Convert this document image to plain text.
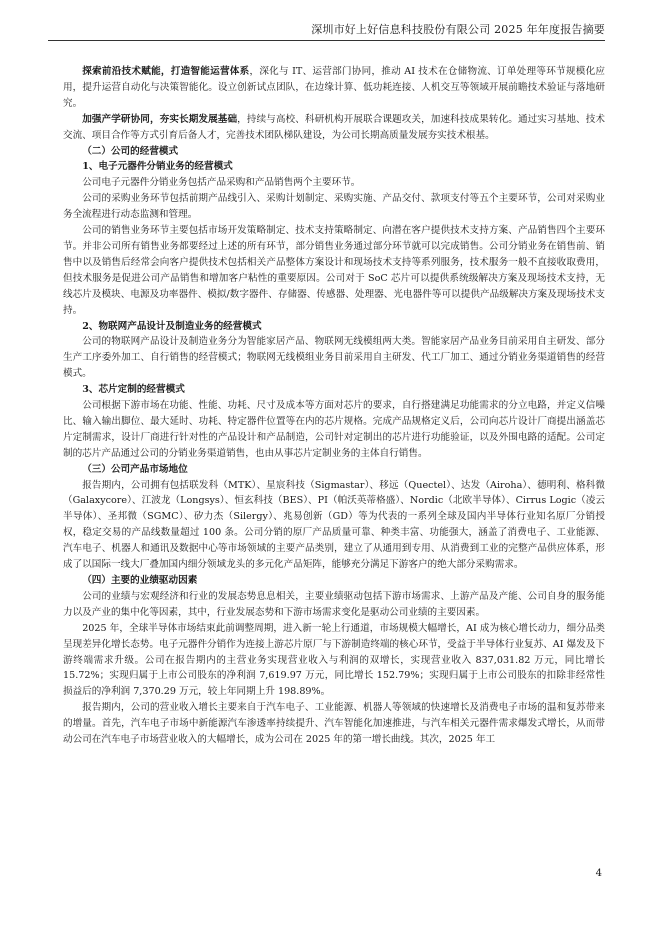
深圳市好上好信息科技股份有限公司 2025 年年度报告摘要

探索前沿技术赋能，打造智能运营体系，深化与 IT、运营部门协同，推动 AI 技术在仓储物流、订单处理等环节规模化应用，提升运营自动化与决策智能化。设立创新试点团队，在边缘计算、低功耗连接、人机交互等领域开展前瞻技术验证与落地研究。

加强产学研协同，夯实长期发展基础，持续与高校、科研机构开展联合课题攻关，加速科技成果转化。通过实习基地、技术交流、项目合作等方式引育后备人才，完善技术团队梯队建设，为公司长期高质量发展夯实技术根基。

（二）公司的经营模式

1、电子元器件分销业务的经营模式

公司电子元器件分销业务包括产品采购和产品销售两个主要环节。

公司的采购业务环节包括前期产品线引入、采购计划制定、采购实施、产品交付、款项支付等五个主要环节，公司对采购业务全流程进行动态监测和管理。

公司的销售业务环节主要包括市场开发策略制定、技术支持策略制定、向潜在客户提供技术支持方案、产品销售四个主要环节。并非公司所有销售业务都要经过上述的所有环节，部分销售业务通过部分环节就可以完成销售。公司分销业务在销售前、销售中以及销售后经常会向客户提供技术包括相关产品整体方案设计和现场技术支持等系列服务，技术服务一般不直接收取费用，但技术服务是促进公司产品销售和增加客户粘性的重要原因。公司对于 SoC 芯片可以提供系统级解决方案及现场技术支持，无线芯片及模块、电源及功率器件、模拟/数字器件、存储器、传感器、处理器、光电器件等可以提供产品级解决方案及现场技术支持。

2、物联网产品设计及制造业务的经营模式

公司的物联网产品设计及制造业务分为智能家居产品、物联网无线模组两大类。智能家居产品业务目前采用自主研发、部分生产工序委外加工、自行销售的经营模式；物联网无线模组业务目前采用自主研发、代工厂加工、通过分销业务渠道销售的经营模式。

3、芯片定制的经营模式

公司根据下游市场在功能、性能、功耗、尺寸及成本等方面对芯片的要求，自行搭建满足功能需求的分立电路，并定义信噪比、输入输出脚位、最大延时、功耗、特定器件位置等在内的芯片规格。完成产品规格定义后，公司向芯片设计厂商提出涵盖芯片定制需求，设计厂商进行针对性的产品设计和产品制造，公司针对定制出的芯片进行功能验证，以及外围电路的适配。公司定制的芯片产品通过公司的分销业务渠道销售，也由从事芯片定制业务的主体自行销售。

（三）公司产品市场地位

报告期内，公司拥有包括联发科（MTK）、星宸科技（Sigmastar）、移远（Quectel）、达发（Airoha）、德明利、格科微（Galaxycore）、江波龙（Longsys）、恒玄科技（BES）、PI（帕沃英蒂格盛）、Nordic（北欧半导体）、Cirrus Logic（凌云半导体）、圣邦微（SGMC）、矽力杰（Silergy）、兆易创新（GD）等为代表的一系列全球及国内半导体行业知名原厂分销授权，稳定交易的产品线数量超过 100 条。公司分销的原厂产品质量可靠、种类丰富、功能强大，涵盖了消费电子、工业能源、汽车电子、机器人和通讯及数据中心等市场领域的主要产品类别，建立了从通用到专用、从消费到工业的完整产品供应体系，形成了以国际一线大厂叠加国内细分领域龙头的多元化产品矩阵，能够充分满足下游客户的绝大部分采购需求。

（四）主要的业绩驱动因素

公司的业绩与宏观经济和行业的发展态势息息相关，主要业绩驱动包括下游市场需求、上游产品及产能、公司自身的服务能力以及产业的集中化等因素，其中，行业发展态势和下游市场需求变化是驱动公司业绩的主要因素。

2025 年，全球半导体市场结束此前调整周期，进入新一轮上行通道，市场规模大幅增长，AI 成为核心增长动力，细分品类呈现差异化增长态势。电子元器件分销作为连接上游芯片原厂与下游制造终端的核心环节，受益于半导体行业复苏、AI 爆发及下游终端需求升级。公司在报告期内的主营业务实现营业收入与利润的双增长，实现营业收入 837,031.82 万元，同比增长 15.72%；实现归属于上市公司股东的净利润 7,619.97 万元，同比增长 152.79%；实现归属于上市公司股东的扣除非经常性损益后的净利润 7,370.29 万元，较上年同期上升 198.89%。

报告期内，公司的营业收入增长主要来自于汽车电子、工业能源、机器人等领域的快速增长及消费电子市场的温和复苏带来的增量。首先，汽车电子市场中新能源汽车渗透率持续提升、汽车智能化加速推进，与汽车相关元器件需求爆发式增长，从而带动公司在汽车电子市场营业收入的大幅增长，成为公司在 2025 年的第一增长曲线。其次，2025 年工

4
